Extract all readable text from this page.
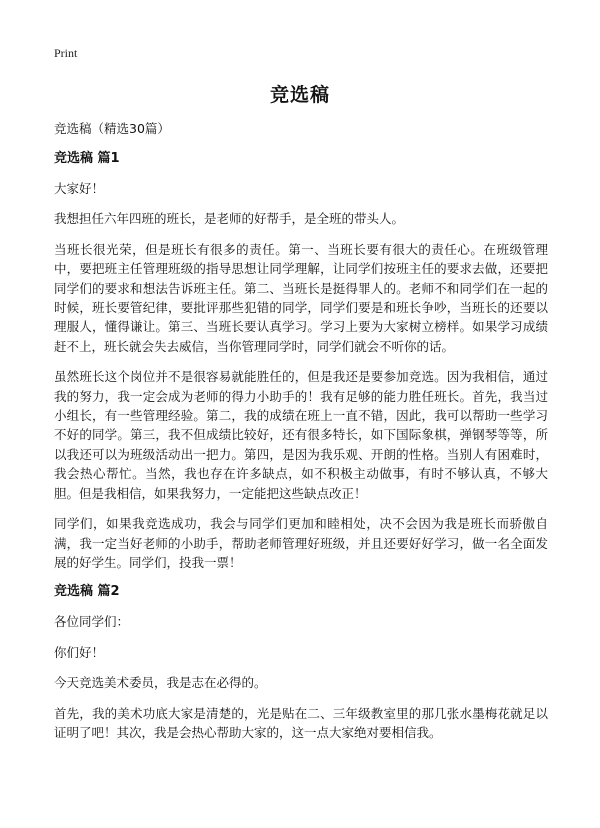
Print
竞选稿
竞选稿（精选30篇）
竞选稿 篇1

大家好！

我想担任六年四班的班长，是老师的好帮手，是全班的带头人。

当班长很光荣，但是班长有很多的责任。第一、当班长要有很大的责任心。在班级管理中，要把班主任管理班级的指导思想让同学理解，让同学们按班主任的要求去做，还要把同学们的要求和想法告诉班主任。第二、当班长是挺得罪人的。老师不和同学们在一起的时候，班长要管纪律，要批评那些犯错的同学，同学们要是和班长争吵，当班长的还要以理服人，懂得谦让。第三、当班长要认真学习。学习上要为大家树立榜样。如果学习成绩赶不上，班长就会失去威信，当你管理同学时，同学们就会不听你的话。

虽然班长这个岗位并不是很容易就能胜任的，但是我还是要参加竞选。因为我相信，通过我的努力，我一定会成为老师的得力小助手的！我有足够的能力胜任班长。首先，我当过小组长，有一些管理经验。第二，我的成绩在班上一直不错，因此，我可以帮助一些学习不好的同学。第三，我不但成绩比较好，还有很多特长，如下国际象棋，弹钢琴等等，所以我还可以为班级活动出一把力。第四，是因为我乐观、开朗的性格。当别人有困难时，我会热心帮忙。当然，我也存在许多缺点，如不积极主动做事，有时不够认真，不够大胆。但是我相信，如果我努力，一定能把这些缺点改正！

同学们，如果我竞选成功，我会与同学们更加和睦相处，决不会因为我是班长而骄傲自满，我一定当好老师的小助手，帮助老师管理好班级，并且还要好好学习，做一名全面发展的好学生。同学们，投我一票！

竞选稿 篇2

各位同学们：

你们好！

今天竞选美术委员，我是志在必得的。

首先，我的美术功底大家是清楚的，光是贴在二、三年级教室里的那几张水墨梅花就足以证明了吧！其次，我是会热心帮助大家的，这一点大家绝对要相信我。
